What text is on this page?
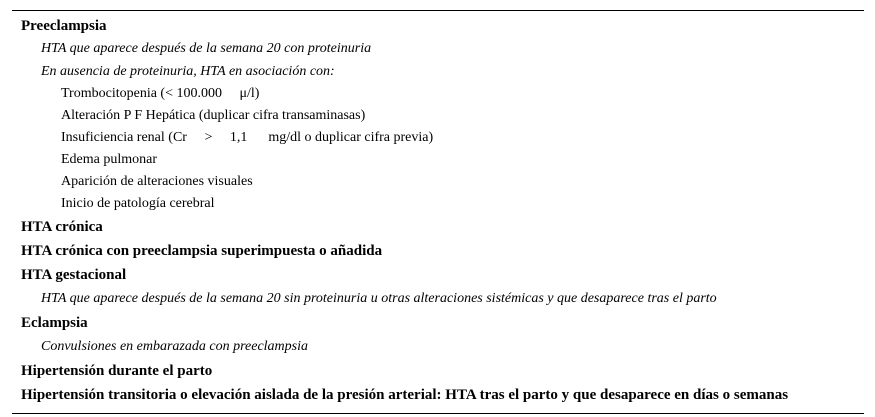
Preeclampsia
HTA que aparece después de la semana 20 con proteinuria
En ausencia de proteinuria, HTA en asociación con:
Trombocitopenia (< 100.000     μ/l)
Alteración P F Hepática (duplicar cifra transaminasas)
Insuficiencia renal (Cr     >     1,1      mg/dl o duplicar cifra previa)
Edema pulmonar
Aparición de alteraciones visuales
Inicio de patología cerebral
HTA crónica
HTA crónica con preeclampsia superimpuesta o añadida
HTA gestacional
HTA que aparece después de la semana 20 sin proteinuria u otras alteraciones sistémicas y que desaparece tras el parto
Eclampsia
Convulsiones en embarazada con preeclampsia
Hipertensión durante el parto
Hipertensión transitoria o elevación aislada de la presión arterial: HTA tras el parto y que desaparece en días o semanas
